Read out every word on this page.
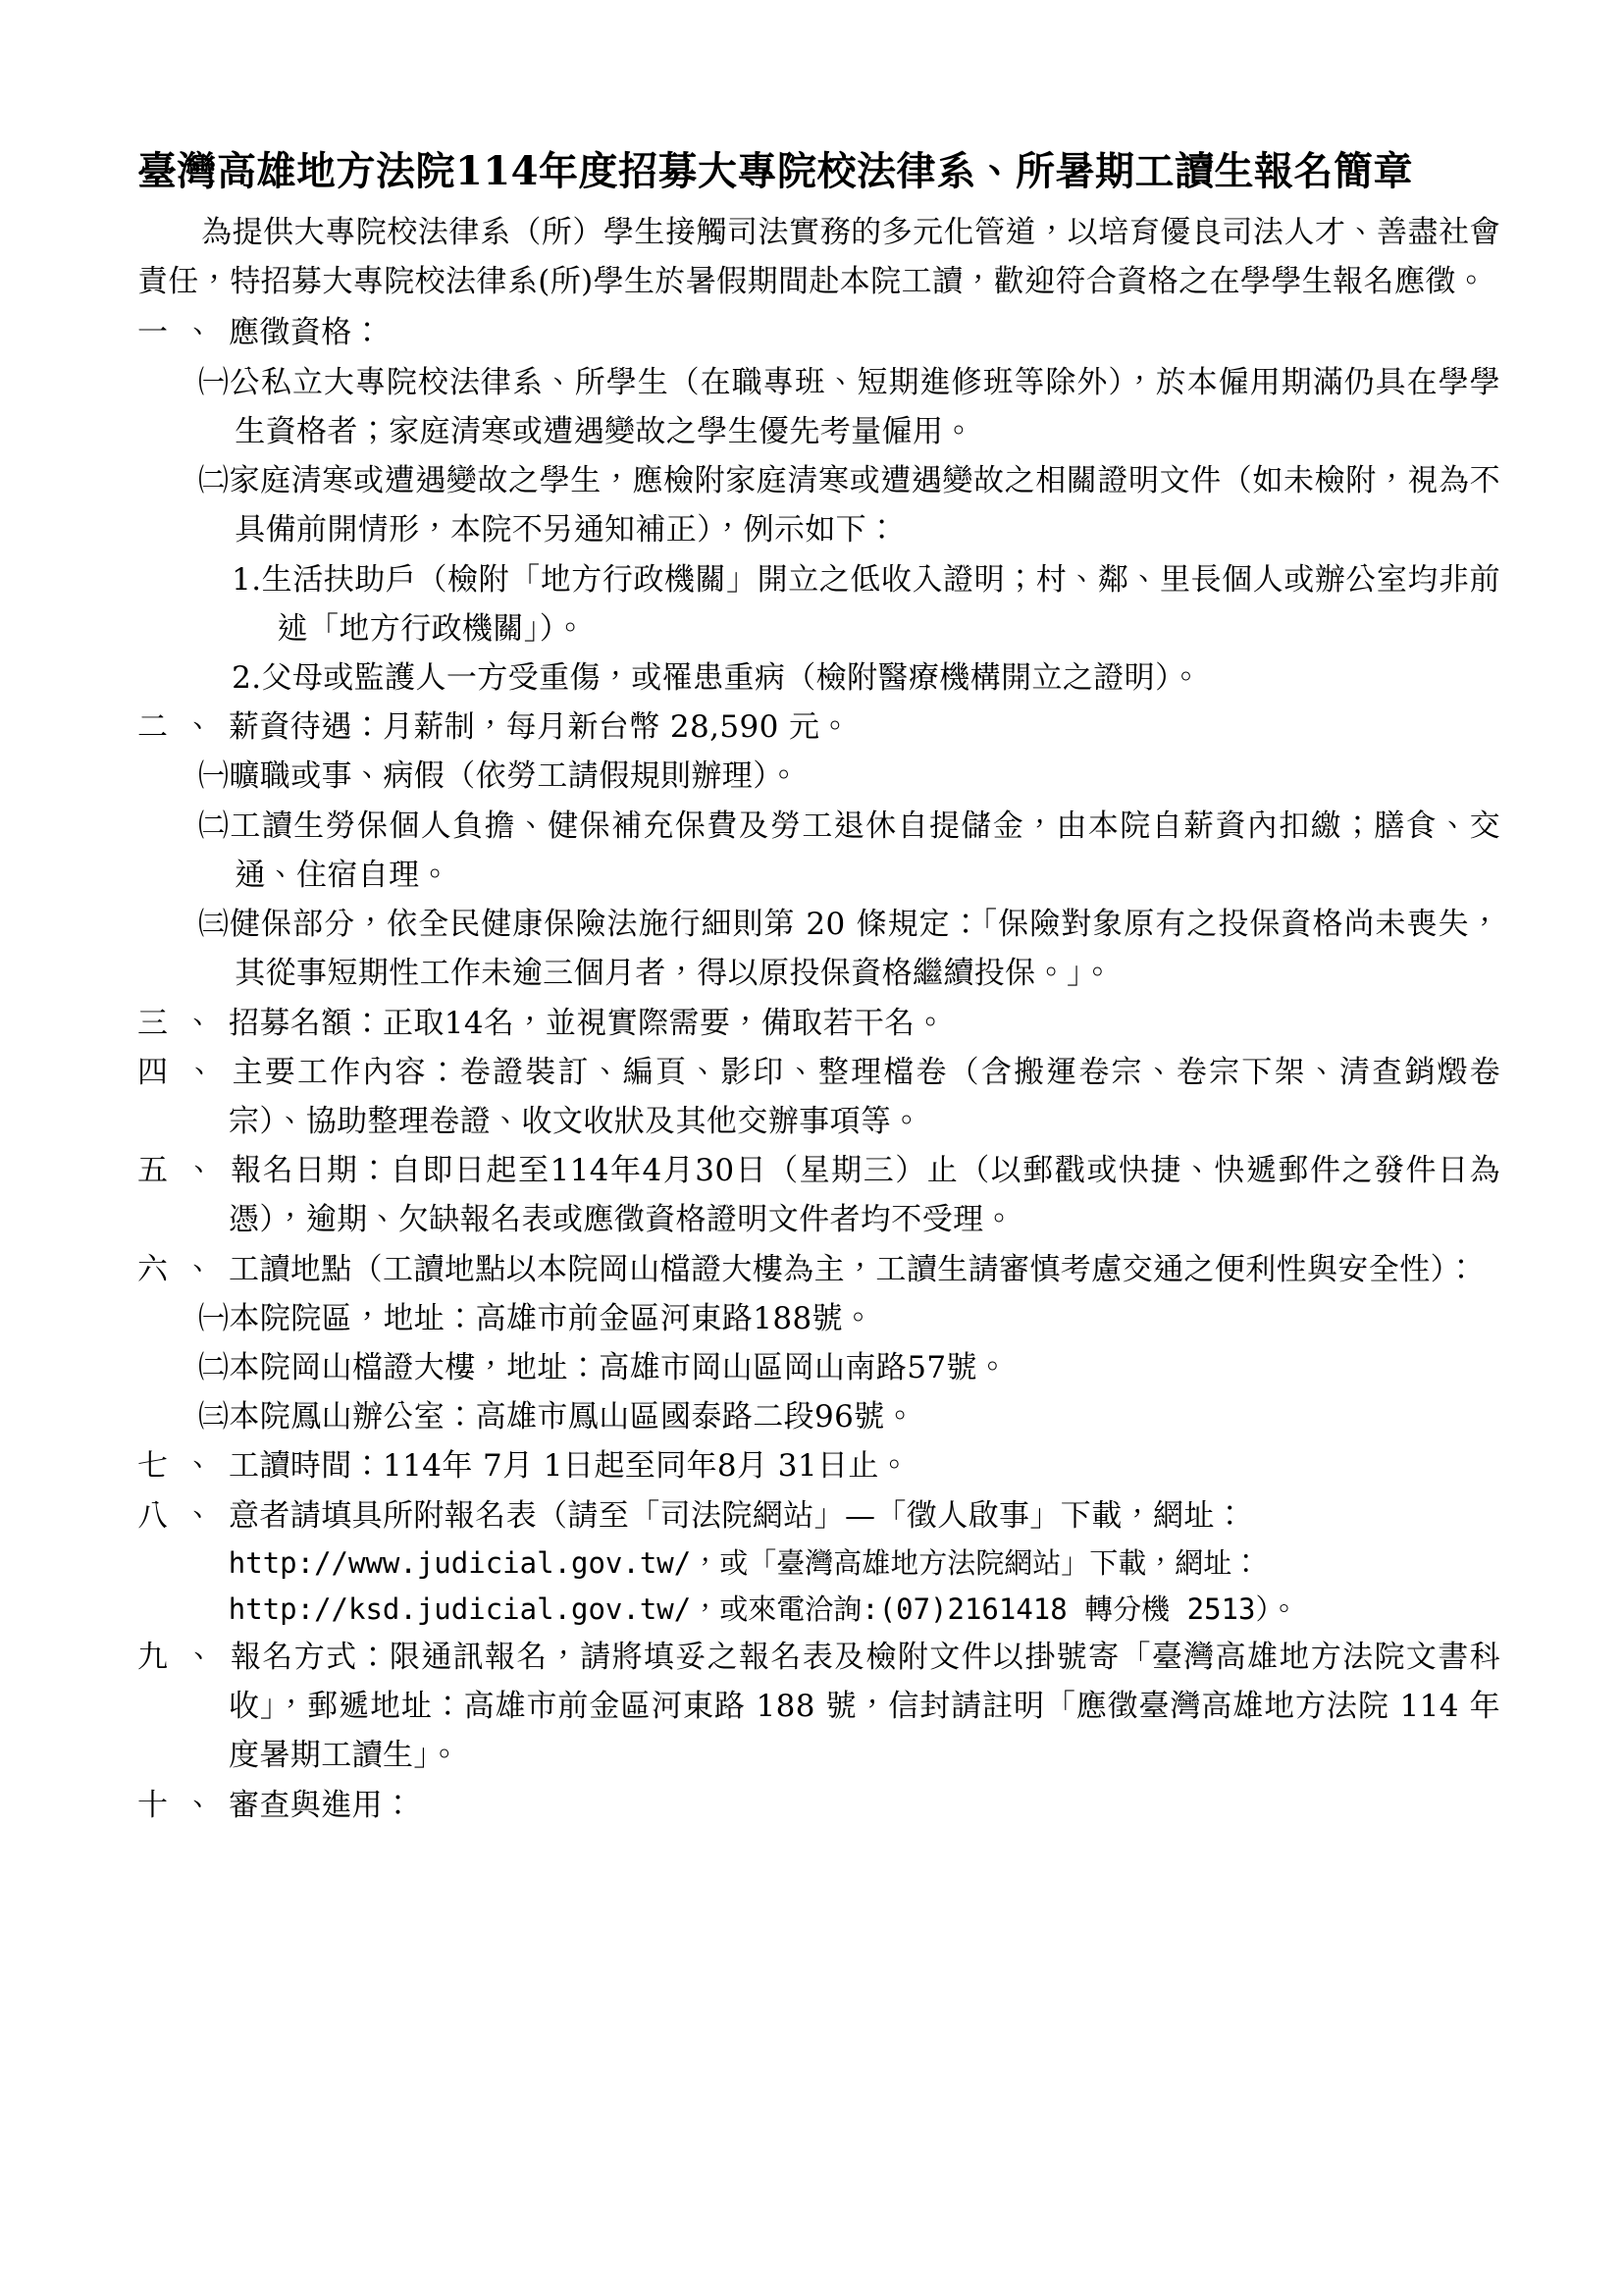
臺灣高雄地方法院114年度招募大專院校法律系、所暑期工讀生報名簡章

為提供大專院校法律系（所）學生接觸司法實務的多元化管道，以培育優良司法人才、善盡社會責任，特招募大專院校法律系(所)學生於暑假期間赴本院工讀，歡迎符合資格之在學學生報名應徵。

一、應徵資格：

㈠公私立大專院校法律系、所學生（在職專班、短期進修班等除外），於本僱用期滿仍具在學學生資格者；家庭清寒或遭遇變故之學生優先考量僱用。

㈡家庭清寒或遭遇變故之學生，應檢附家庭清寒或遭遇變故之相關證明文件（如未檢附，視為不具備前開情形，本院不另通知補正），例示如下：

1.生活扶助戶（檢附「地方行政機關」開立之低收入證明；村、鄰、里長個人或辦公室均非前述「地方行政機關」）。

2.父母或監護人一方受重傷，或罹患重病（檢附醫療機構開立之證明）。

二、薪資待遇：月薪制，每月新台幣 28,590 元。

㈠曠職或事、病假（依勞工請假規則辦理）。

㈡工讀生勞保個人負擔、健保補充保費及勞工退休自提儲金，由本院自薪資內扣繳；膳食、交通、住宿自理。

㈢健保部分，依全民健康保險法施行細則第 20 條規定：「保險對象原有之投保資格尚未喪失，其從事短期性工作未逾三個月者，得以原投保資格繼續投保。」。

三、招募名額：正取14名，並視實際需要，備取若干名。

四、主要工作內容：卷證裝訂、編頁、影印、整理檔卷（含搬運卷宗、卷宗下架、清查銷燬卷宗）、協助整理卷證、收文收狀及其他交辦事項等。

五、報名日期：自即日起至114年4月30日（星期三）止（以郵戳或快捷、快遞郵件之發件日為憑），逾期、欠缺報名表或應徵資格證明文件者均不受理。

六、工讀地點（工讀地點以本院岡山檔證大樓為主，工讀生請審慎考慮交通之便利性與安全性）：

㈠本院院區，地址：高雄市前金區河東路188號。

㈡本院岡山檔證大樓，地址：高雄市岡山區岡山南路57號。

㈢本院鳳山辦公室：高雄市鳳山區國泰路二段96號。

七、工讀時間：114年 7月 1日起至同年8月 31日止。

八、意者請填具所附報名表（請至「司法院網站」—「徵人啟事」下載，網址：

http://www.judicial.gov.tw/，或「臺灣高雄地方法院網站」下載，網址：

http://ksd.judicial.gov.tw/，或來電洽詢:(07)2161418 轉分機 2513）。

九、報名方式：限通訊報名，請將填妥之報名表及檢附文件以掛號寄「臺灣高雄地方法院文書科 收」，郵遞地址：高雄市前金區河東路 188 號，信封請註明「應徵臺灣高雄地方法院 114 年度暑期工讀生」。

十、審查與進用：
